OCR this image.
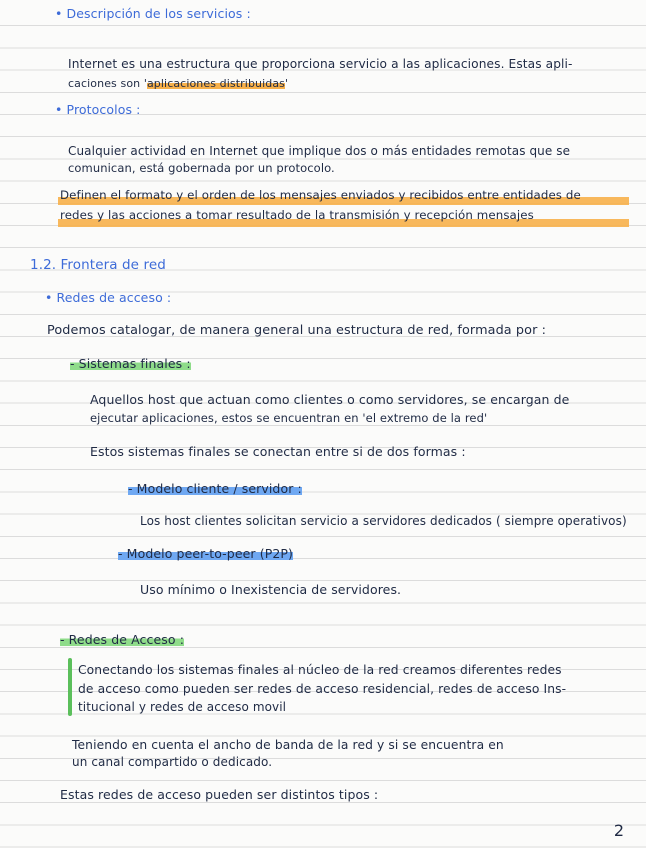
• Descripción de los servicios :
Internet es una estructura que proporciona servicio a las aplicaciones. Estas apli-
caciones son 'aplicaciones distribuidas'
• Protocolos :
Cualquier actividad en Internet que implique dos o más entidades remotas que se
comunican, está gobernada por un protocolo.
Definen el formato y el orden de los mensajes enviados y recibidos entre entidades de
redes y las acciones a tomar resultado de la transmisión y recepción mensajes
1.2. Frontera de red
• Redes de acceso :
Podemos catalogar, de manera general una estructura de red, formada por :
- Sistemas finales :
Aquellos host que actuan como clientes o como servidores, se encargan de
ejecutar aplicaciones, estos se encuentran en 'el extremo de la red'
Estos sistemas finales se conectan entre si de dos formas :
- Modelo cliente / servidor :
Los host clientes solicitan servicio a servidores dedicados ( siempre operativos)
- Modelo peer-to-peer (P2P)
Uso mínimo o Inexistencia de servidores.
- Redes de Acceso :
Conectando los sistemas finales al núcleo de la red creamos diferentes redes
de acceso como pueden ser redes de acceso residencial, redes de acceso Ins-
titucional y redes de acceso movil
Teniendo en cuenta el ancho de banda de la red y si se encuentra en
un canal compartido o dedicado.
Estas redes de acceso pueden ser distintos tipos :
2
